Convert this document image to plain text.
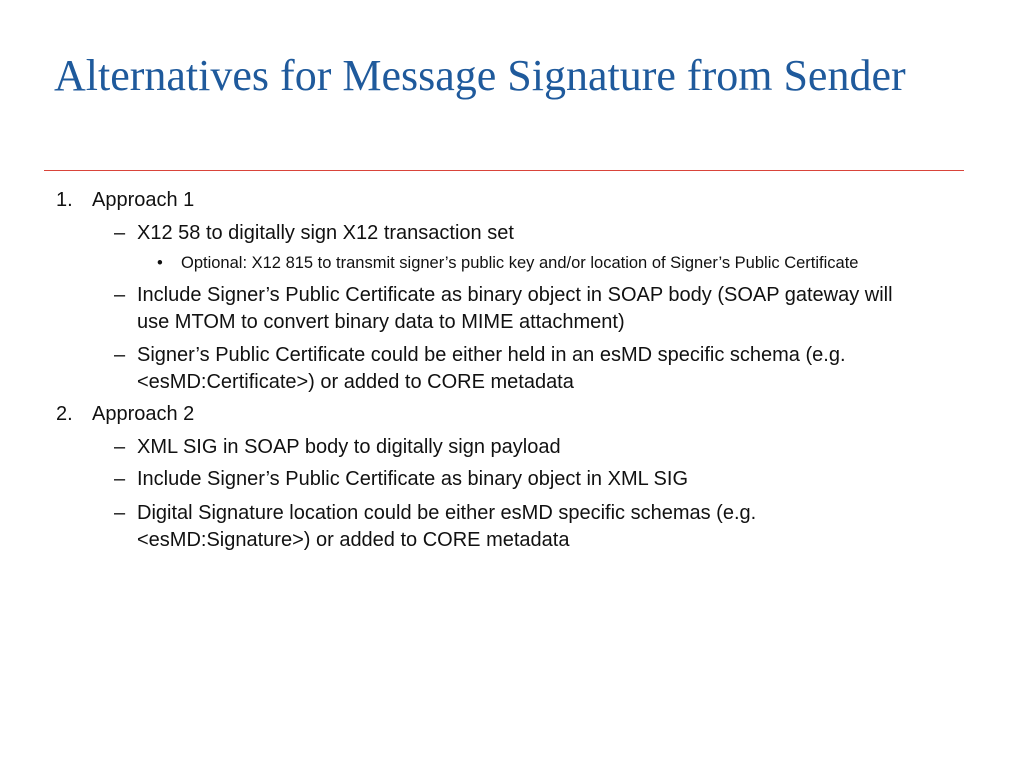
Alternatives for Message Signature from Sender
1. Approach 1
– X12 58 to digitally sign X12 transaction set
• Optional: X12 815 to transmit signer’s public key and/or location of Signer’s Public Certificate
– Include Signer’s Public Certificate as binary object in SOAP body (SOAP gateway will
use MTOM to convert binary data to MIME attachment)
– Signer’s Public Certificate could be either held in an esMD specific schema (e.g.
<esMD:Certificate>) or added to CORE metadata
2. Approach 2
– XML SIG in SOAP body to digitally sign payload
– Include Signer’s Public Certificate as binary object in XML SIG
– Digital Signature location could be either esMD specific schemas (e.g.
<esMD:Signature>) or added to CORE metadata
